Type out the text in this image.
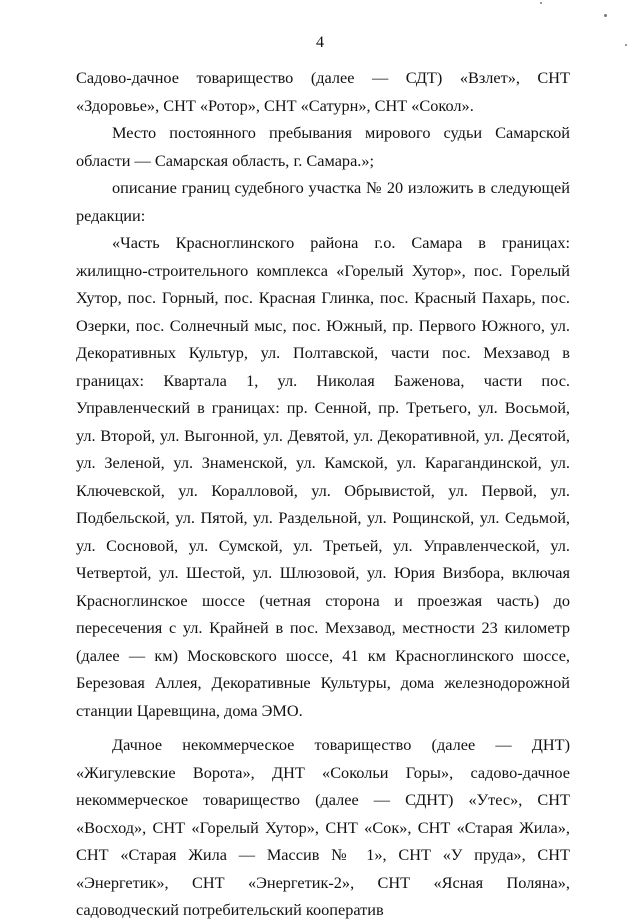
4

Садово-дачное товарищество (далее — СДТ) «Взлет», СНТ «Здоровье», СНТ «Ротор», СНТ «Сатурн», СНТ «Сокол».

Место постоянного пребывания мирового судьи Самарской области — Самарская область, г. Самара.»;

описание границ судебного участка № 20 изложить в следующей редакции:

«Часть Красноглинского района г.о. Самара в границах: жилищно-строительного комплекса «Горелый Хутор», пос. Горелый Хутор, пос. Горный, пос. Красная Глинка, пос. Красный Пахарь, пос. Озерки, пос. Солнечный мыс, пос. Южный, пр. Первого Южного, ул. Декоративных Культур, ул. Полтавской, части пос. Мехзавод в границах: Квартала 1, ул. Николая Баженова, части пос. Управленческий в границах: пр. Сенной, пр. Третьего, ул. Восьмой, ул. Второй, ул. Выгонной, ул. Девятой, ул. Декоративной, ул. Десятой, ул. Зеленой, ул. Знаменской, ул. Камской, ул. Карагандинской, ул. Ключевской, ул. Коралловой, ул. Обрывистой, ул. Первой, ул. Подбельской, ул. Пятой, ул. Раздельной, ул. Рощинской, ул. Седьмой, ул. Сосновой, ул. Сумской, ул. Третьей, ул. Управленческой, ул. Четвертой, ул. Шестой, ул. Шлюзовой, ул. Юрия Визбора, включая Красноглинское шоссе (четная сторона и проезжая часть) до пересечения с ул. Крайней в пос. Мехзавод, местности 23 километр (далее — км) Московского шоссе, 41 км Красноглинского шоссе, Березовая Аллея, Декоративные Культуры, дома железнодорожной станции Царевщина, дома ЭМО.

Дачное некоммерческое товарищество (далее — ДНТ) «Жигулевские Ворота», ДНТ «Сокольи Горы», садово-дачное некоммерческое товарищество (далее — СДНТ) «Утес», СНТ «Восход», СНТ «Горелый Хутор», СНТ «Сок», СНТ «Старая Жила», СНТ «Старая Жила — Массив № 1», СНТ «У пруда», СНТ «Энергетик», СНТ «Энергетик-2», СНТ «Ясная Поляна», садоводческий потребительский кооператив
